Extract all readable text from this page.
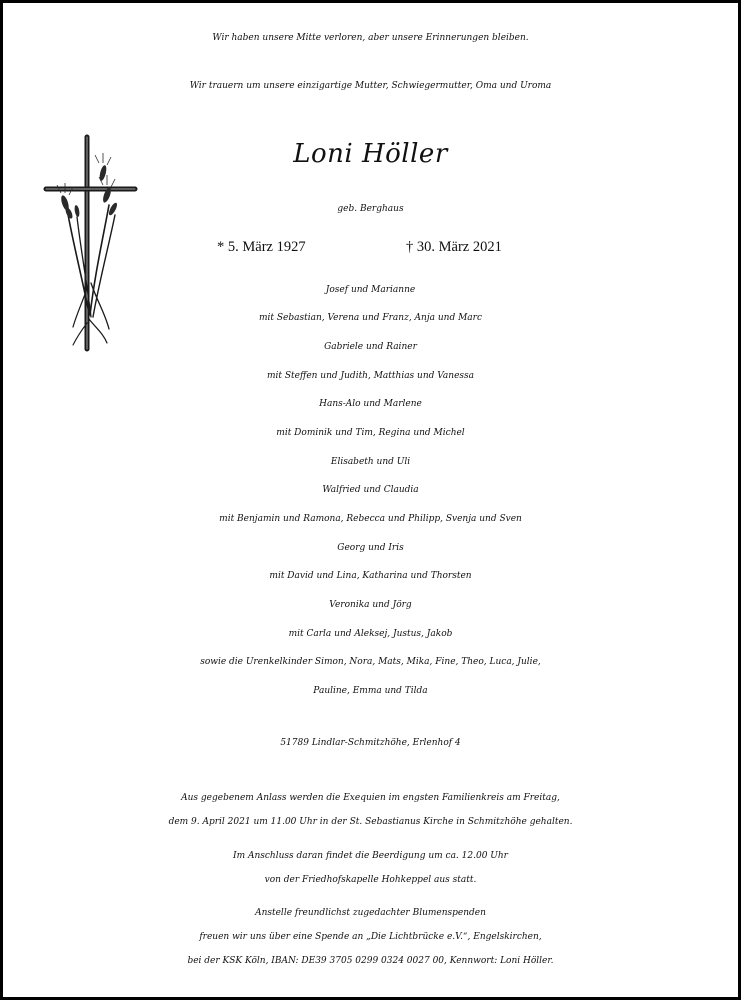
Wir haben unsere Mitte verloren, aber unsere Erinnerungen bleiben.
Wir trauern um unsere einzigartige Mutter, Schwiegermutter, Oma und Uroma
Loni Höller
geb. Berghaus
* 5. März 1927	† 30. März 2021
Josef und Marianne
mit Sebastian, Verena und Franz, Anja und Marc
Gabriele und Rainer
mit Steffen und Judith, Matthias und Vanessa
Hans-Alo und Marlene
mit Dominik und Tim, Regina und Michel
Elisabeth und Uli
Walfried und Claudia
mit Benjamin und Ramona, Rebecca und Philipp, Svenja und Sven
Georg und Iris
mit David und Lina, Katharina und Thorsten
Veronika und Jörg
mit Carla und Aleksej, Justus, Jakob
sowie die Urenkelkinder Simon, Nora, Mats, Mika, Fine, Theo, Luca, Julie,
Pauline, Emma und Tilda
51789 Lindlar-Schmitzhöhe, Erlenhof 4
Aus gegebenem Anlass werden die Exequien im engsten Familienkreis am Freitag,
dem 9. April 2021 um 11.00 Uhr in der St. Sebastianus Kirche in Schmitzhöhe gehalten.
Im Anschluss daran findet die Beerdigung um ca. 12.00 Uhr
von der Friedhofskapelle Hohkeppel aus statt.
Anstelle freundlichst zugedachter Blumenspenden
freuen wir uns über eine Spende an „Die Lichtbrücke e.V.“, Engelskirchen,
bei der KSK Köln, IBAN: DE39 3705 0299 0324 0027 00, Kennwort: Loni Höller.
